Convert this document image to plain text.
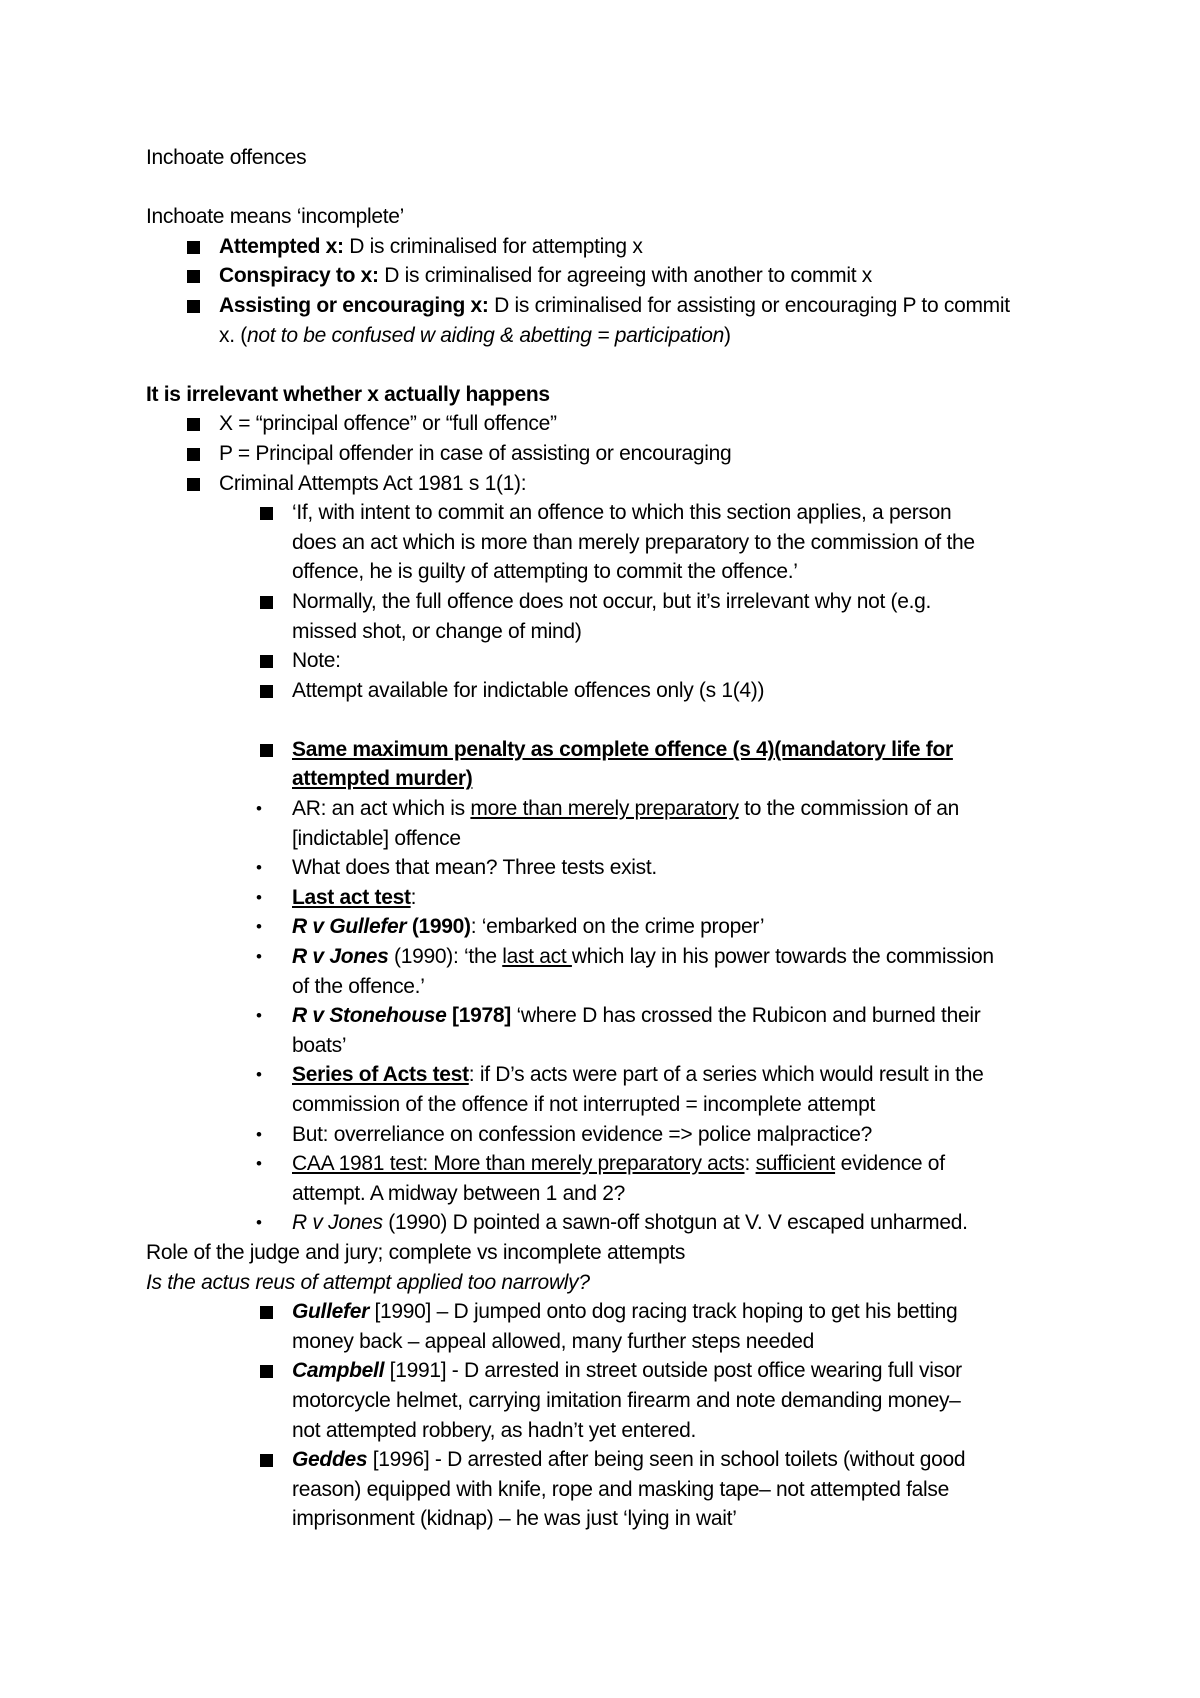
Inchoate offences
Inchoate means ‘incomplete’
Attempted x: D is criminalised for attempting x
Conspiracy to x: D is criminalised for agreeing with another to commit x
Assisting or encouraging x: D is criminalised for assisting or encouraging P to commit
x. (not to be confused w aiding & abetting = participation)
It is irrelevant whether x actually happens
X = “principal offence” or “full offence”
P = Principal offender in case of assisting or encouraging
Criminal Attempts Act 1981 s 1(1):
‘If, with intent to commit an offence to which this section applies, a person
does an act which is more than merely preparatory to the commission of the
offence, he is guilty of attempting to commit the offence.’
Normally, the full offence does not occur, but it’s irrelevant why not (e.g.
missed shot, or change of mind)
Note:
Attempt available for indictable offences only (s 1(4))
Same maximum penalty as complete offence (s 4)(mandatory life for
attempted murder)
• AR: an act which is more than merely preparatory to the commission of an
[indictable] offence
• What does that mean? Three tests exist.
• Last act test:
• R v Gullefer (1990): ‘embarked on the crime proper’
• R v Jones (1990): ‘the last act which lay in his power towards the commission
of the offence.’
• R v Stonehouse [1978] ‘where D has crossed the Rubicon and burned their
boats’
• Series of Acts test: if D’s acts were part of a series which would result in the
commission of the offence if not interrupted = incomplete attempt
• But: overreliance on confession evidence => police malpractice?
• CAA 1981 test: More than merely preparatory acts: sufficient evidence of
attempt. A midway between 1 and 2?
• R v Jones (1990) D pointed a sawn-off shotgun at V. V escaped unharmed.
Role of the judge and jury; complete vs incomplete attempts
Is the actus reus of attempt applied too narrowly?
Gullefer [1990] – D jumped onto dog racing track hoping to get his betting
money back – appeal allowed, many further steps needed
Campbell [1991] - D arrested in street outside post office wearing full visor
motorcycle helmet, carrying imitation firearm and note demanding money–
not attempted robbery, as hadn’t yet entered.
Geddes [1996] - D arrested after being seen in school toilets (without good
reason) equipped with knife, rope and masking tape– not attempted false
imprisonment (kidnap) – he was just ‘lying in wait’
